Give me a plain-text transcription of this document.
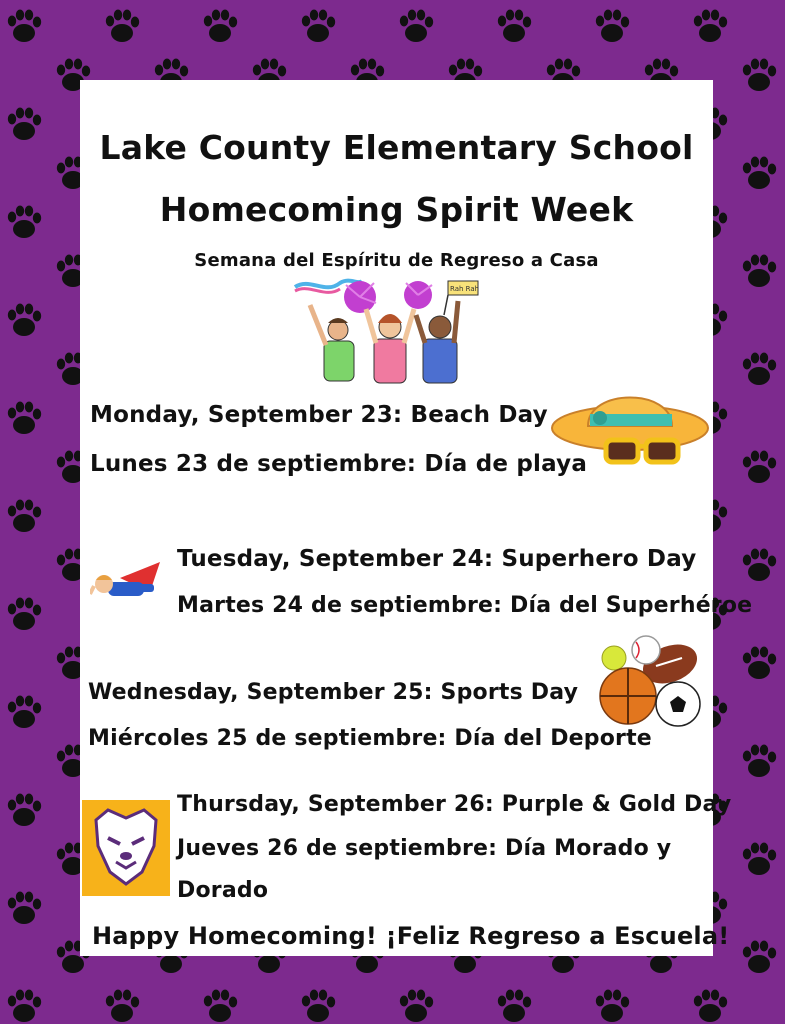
Lake County Elementary School
Homecoming Spirit Week
Semana del Espíritu de Regreso a Casa
Rah Rah
Monday, September 23: Beach Day
Lunes 23 de septiembre: Día de playa
Tuesday, September 24: Superhero Day
Martes 24 de septiembre: Día del Superhéroe
Wednesday, September 25: Sports Day
Miércoles 25 de septiembre: Día del Deporte
Thursday, September 26: Purple & Gold Day
Jueves 26 de septiembre: Día Morado y
Dorado
Happy Homecoming! ¡Feliz Regreso a Escuela!
